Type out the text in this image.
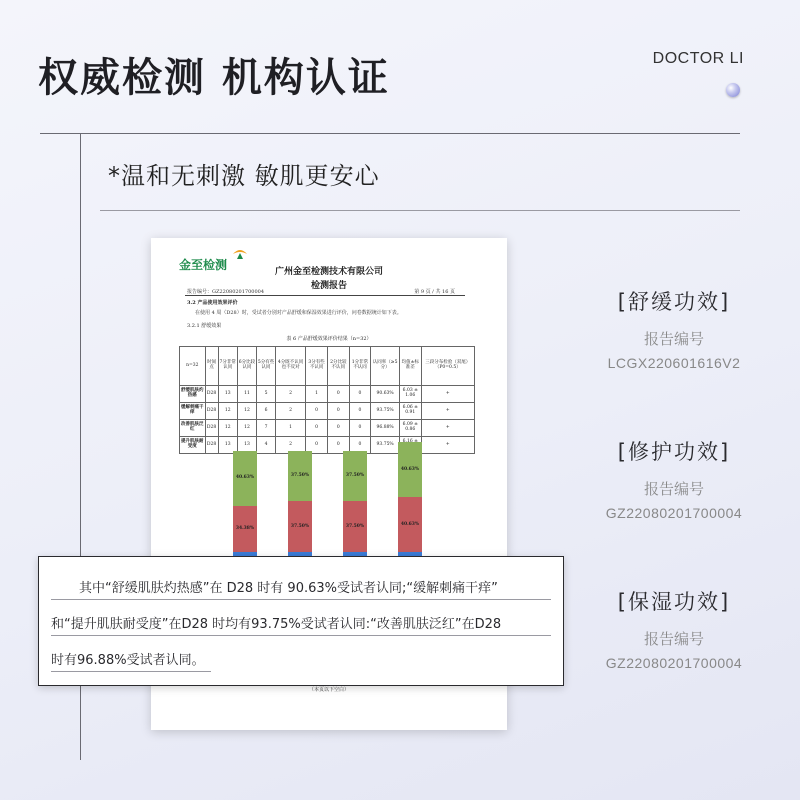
权威检测 机构认证	DOCTOR LI
*温和无刺激 敏肌更安心
金至检测	广州金至检测技术有限公司
检测报告
报告编号：GZ22080201700004	第 9 页 / 共 16 页
3.2 产品使用效果评价
在使用 4 周（D28）时，受试者分别对产品舒缓和保湿效果进行评价，问卷数据统计如下表。
3.2.1 舒缓效果
表 6 产品舒缓效果评价结果（n=32）
n=32	时间点	7分非常认同	6分比较认同	5分有些认同	4分既不认同也不反对	3分有些不认同	2分比较不认同	1分非常不认同	认同率（≥5分）	均值±标准差	三段分布检验（双尾）（P0=0.5）
舒缓肌肤灼热感	D28	13	11	5	2	1	0	0	90.63%	6.03 ± 1.06	+
缓解刺痛干痒	D28	12	12	6	2	0	0	0	93.75%	6.06 ± 0.91	+
改善肌肤泛红	D28	12	12	7	1	0	0	0	96.88%	6.09 ± 0.86	+
提升肌肤耐受度	D28	13	13	4	2	0	0	0	93.75%		+
34.38%
40.63%
37.50%
37.50%
37.50%
37.50%
40.63%
40.63%
（本页以下空白）
其中“舒缓肌肤灼热感”在 D28 时有 90.63%受试者认同;“缓解刺痛干痒”
和“提升肌肤耐受度”在D28 时均有93.75%受试者认同:“改善肌肤泛红”在D28
时有96.88%受试者认同。
[舒缓功效]
报告编号
LCGX220601616V2
[修护功效]
报告编号
GZ22080201700004
[保湿功效]
报告编号
GZ22080201700004
